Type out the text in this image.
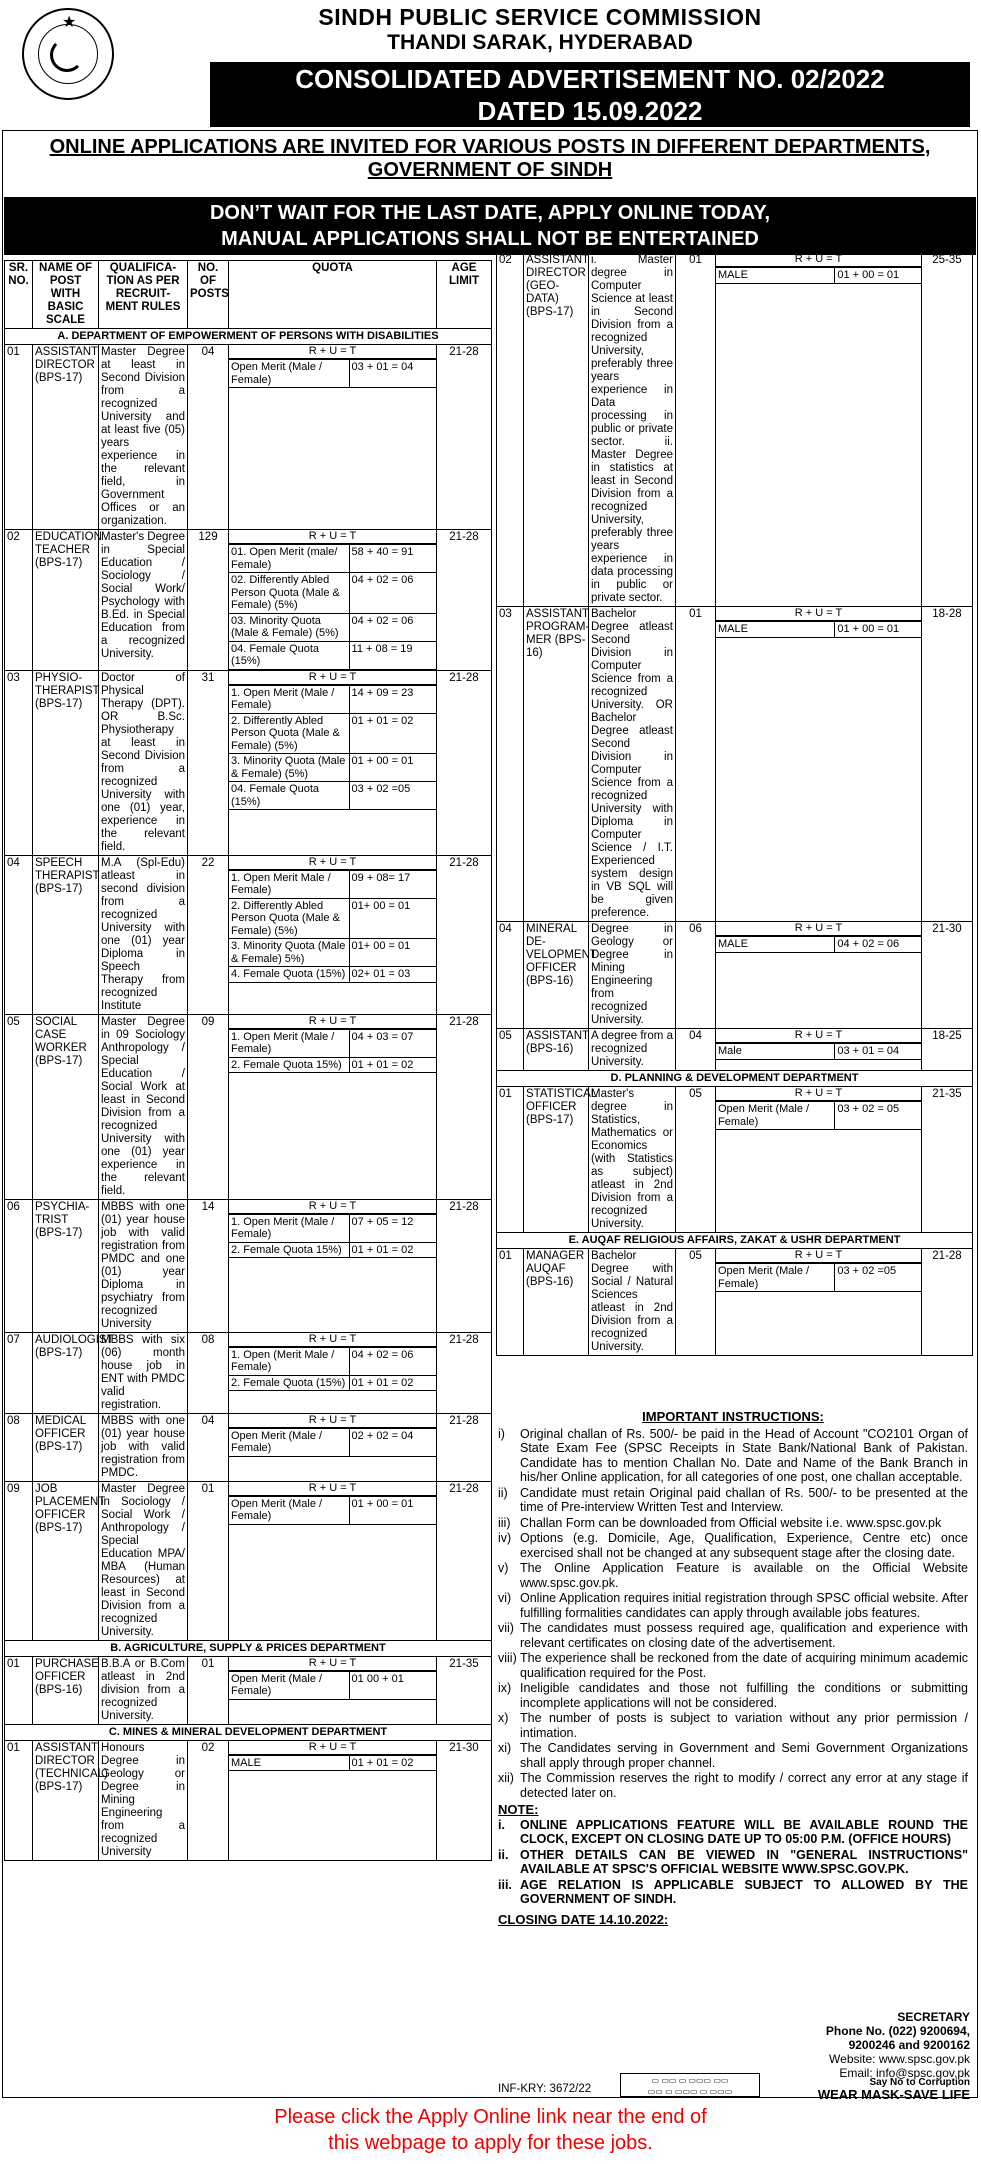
★	SINDH PUBLIC SERVICE COMMISSION
THANDI SARAK, HYDERABAD
CONSOLIDATED ADVERTISEMENT NO. 02/2022
DATED 15.09.2022
ONLINE APPLICATIONS ARE INVITED FOR VARIOUS POSTS IN DIFFERENT DEPARTMENTS,
GOVERNMENT OF SINDH
DON’T WAIT FOR THE LAST DATE, APPLY ONLINE TODAY,
MANUAL APPLICATIONS SHALL NOT BE ENTERTAINED
SR. NO.	NAME OF POST WITH BASIC SCALE	QUALIFICA- TION AS PER RECRUIT- MENT RULES	NO. OF POSTS	QUOTA	AGE LIMIT
A. DEPARTMENT OF EMPOWERMENT OF PERSONS WITH DISABILITIES
01	ASSISTANT DIRECTOR (BPS-17)	Master Degree at least in Second Division from a recognized University and at least five (05) years experience in the relevant field, in Government Offices or an organization.	04	R + U = T
Open Merit (Male / Female)	03 + 01 = 04
	21-28
02	EDUCATION TEACHER (BPS-17)	Master's Degree in Special Education / Sociology / Social Work/ Psychology with B.Ed. in Special Education from a recognized University.	129	R + U = T
01. Open Merit (male/ Female)	58 + 40 = 91
02. Differently Abled Person Quota (Male & Female) (5%)	04 + 02 = 06
03. Minority Quota (Male & Female) (5%)	04 + 02 = 06
04. Female Quota (15%)	11 + 08 = 19
	21-28
03	PHYSIO-THERAPIST (BPS-17)	Doctor of Physical Therapy (DPT). OR B.Sc. Physiotherapy at least in Second Division from a recognized University with one (01) year, experience in the relevant field.	31	R + U = T
1. Open Merit (Male / Female)	14 + 09 = 23
2. Differently Abled Person Quota (Male & Female) (5%)	01 + 01 = 02
3. Minority Quota (Male & Female) (5%)	01 + 00 = 01
04. Female Quota (15%)	03 + 02 =05
	21-28
04	SPEECH THERAPIST (BPS-17)	M.A (Spl-Edu) atleast in second division from a recognized University with one (01) year Diploma in Speech Therapy from recognized Institute	22	R + U = T
1. Open Merit Male / Female)	09 + 08= 17
2. Differently Abled Person Quota (Male & Female) (5%)	01+ 00 = 01
3. Minority Quota (Male & Female) 5%)	01+ 00 = 01
4. Female Quota (15%)	02+ 01 = 03
	21-28
05	SOCIAL CASE WORKER (BPS-17)	Master Degree in 09 Sociology Anthropology / Special Education / Social Work at least in Second Division from a recognized University with one (01) year experience in the relevant field.	09	R + U = T
1. Open Merit (Male / Female)	04 + 03 = 07
2. Female Quota 15%)	01 + 01 = 02
	21-28
06	PSYCHIA-TRIST (BPS-17)	MBBS with one (01) year house job with valid registration from PMDC and one (01) year Diploma in psychiatry from recognized University	14	R + U = T
1. Open Merit (Male / Female)	07 + 05 = 12
2. Female Quota 15%)	01 + 01 = 02
	21-28
07	AUDIOLOGIST (BPS-17)	MBBS with six (06) month house job in ENT with PMDC valid registration.	08	R + U = T
1. Open (Merit Male / Female)	04 + 02 = 06
2. Female Quota (15%)	01 + 01 = 02
	21-28
08	MEDICAL OFFICER (BPS-17)	MBBS with one (01) year house job with valid registration from PMDC.	04	R + U = T
Open Merit (Male / Female)	02 + 02 = 04
	21-28
09	JOB PLACEMENT OFFICER (BPS-17)	Master Degree in Sociology / Social Work / Anthropology / Special Education MPA/ MBA (Human Resources) at least in Second Division from a recognized University.	01	R + U = T
Open Merit (Male / Female)	01 + 00 = 01
	21-28
B. AGRICULTURE, SUPPLY & PRICES DEPARTMENT
01	PURCHASE OFFICER (BPS-16)	B.B.A or B.Com atleast in 2nd division from a recognized University.	01	R + U = T
Open Merit (Male / Female)	01 00 + 01
	21-35
C. MINES & MINERAL DEVELOPMENT DEPARTMENT
01	ASSISTANT DIRECTOR (TECHNICAL) (BPS-17)	Honours Degree in Geology or Degree in Mining Engineering from a recognized University	02	R + U = T
MALE	01 + 01 = 02
	21-30
02	ASSISTANT DIRECTOR (GEO-DATA) (BPS-17)	i. Master degree in Computer Science at least in Second Division from a recognized University, preferably three years experience in Data processing in public or private sector. ii. Master Degree in statistics at least in Second Division from a recognized University, preferably three years experience in data processing in public or private sector.	01	R + U = T
MALE	01 + 00 = 01
	25-35
03	ASSISTANT PROGRAM-MER (BPS-16)	Bachelor Degree atleast Second Division in Computer Science from a recognized University. OR Bachelor Degree atleast Second Division in Computer Science from a recognized University with Diploma in Computer Science / I.T. Experienced system design in VB SQL will be given preference.	01	R + U = T
MALE	01 + 00 = 01
	18-28
04	MINERAL DE-VELOPMENT OFFICER (BPS-16)	Degree in Geology or Degree in Mining Engineering from recognized University.	06	R + U = T
MALE	04 + 02 = 06
	21-30
05	ASSISTANT (BPS-16)	A degree from a recognized University.	04	R + U = T
Male	03 + 01 = 04
	18-25
D. PLANNING & DEVELOPMENT DEPARTMENT
01	STATISTICAL OFFICER (BPS-17)	Master's degree in Statistics, Mathematics or Economics (with Statistics as subject) atleast in 2nd Division from a recognized University.	05	R + U = T
Open Merit (Male / Female)	03 + 02 = 05
	21-35
E. AUQAF RELIGIOUS AFFAIRS, ZAKAT & USHR DEPARTMENT
01	MANAGER AUQAF (BPS-16)	Bachelor Degree with Social / Natural Sciences atleast in 2nd Division from a recognized University.	05	R + U = T
Open Merit (Male / Female)	03 + 02 =05
	21-28
IMPORTANT INSTRUCTIONS:
i)	Original challan of Rs. 500/- be paid in the Head of Account "CO2101 Organ of State Exam Fee (SPSC Receipts in State Bank/National Bank of Pakistan. Candidate has to mention Challan No. Date and Name of the Bank Branch in his/her Online application, for all categories of one post, one challan acceptable.
ii) Candidate must retain Original paid challan of Rs. 500/- to be presented at the time of Pre-interview Written Test and Interview.
iii) Challan Form can be downloaded from Official website i.e. www.spsc.gov.pk
iv) Options (e.g. Domicile, Age, Qualification, Experience, Centre etc) once exercised shall not be changed at any subsequent stage after the closing date.
v) The Online Application Feature is available on the Official Website www.spsc.gov.pk.
vi) Online Application requires initial registration through SPSC official website. After fulfilling formalities candidates can apply through available jobs features.
vii) The candidates must possess required age, qualification and experience with relevant certificates on closing date of the advertisement.
viii) The experience shall be reckoned from the date of acquiring minimum academic qualification required for the Post.
ix) Ineligible candidates and those not fulfilling the conditions or submitting incomplete applications will not be considered.
x) The number of posts is subject to variation without any prior permission / intimation.
xi) The Candidates serving in Government and Semi Government Organizations shall apply through proper channel.
xii) The Commission reserves the right to modify / correct any error at any stage if detected later on.
NOTE:
i.	ONLINE APPLICATIONS FEATURE WILL BE AVAILABLE ROUND THE CLOCK, EXCEPT ON CLOSING DATE UP TO 05:00 P.M. (OFFICE HOURS)
ii. OTHER DETAILS CAN BE VIEWED IN "GENERAL INSTRUCTIONS" AVAILABLE AT SPSC'S OFFICIAL WEBSITE WWW.SPSC.GOV.PK.
iii. AGE RELATION IS APPLICABLE SUBJECT TO ALLOWED BY THE GOVERNMENT OF SINDH.
CLOSING DATE 14.10.2022:
SECRETARY
Phone No. (022) 9200694,
9200246 and 9200162
Website: www.spsc.gov.pk
Email: info@spsc.gov.pk
INF-KRY: 3672/22
▭ ▭▭ ▭ ▭▭▭ ▭▭
▭▭ ▭ ▭▭▭ ▭ ▭▭▭
Say No to Corruption
WEAR MASK-SAVE LIFE
Please click the Apply Online link near the end of
this webpage to apply for these jobs.
